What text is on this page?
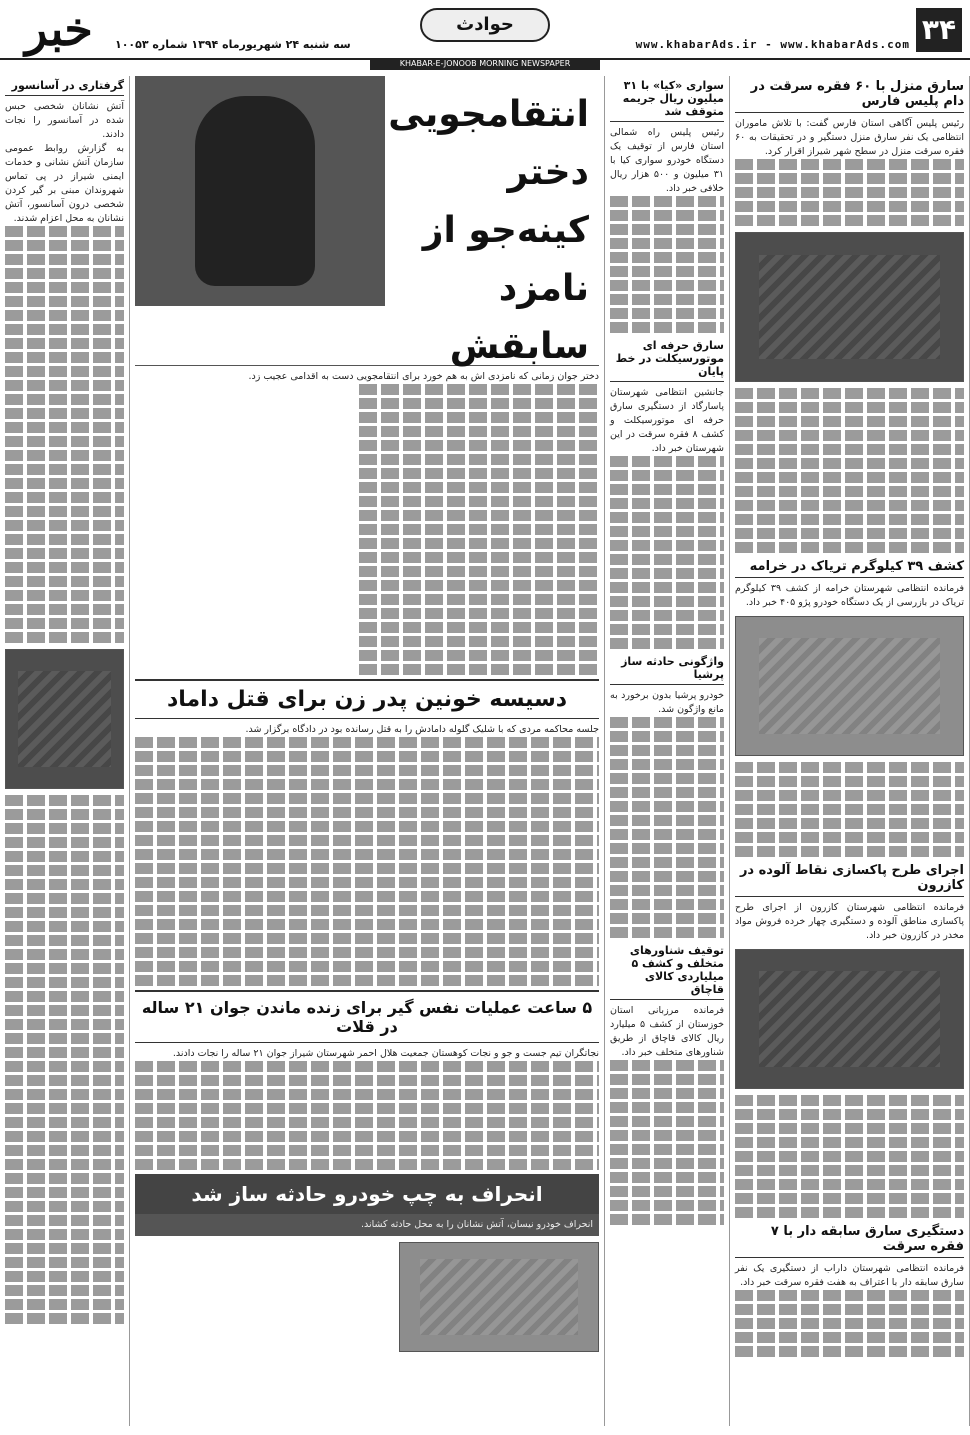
۳۴
www.khabarAds.ir - www.khabarAds.com
حوادث
خبر	سه شنبه ۲۴ شهریورماه ۱۳۹۴ شماره ۱۰۰۵۳
KHABAR-E-JONOOB MORNING NEWSPAPER
سارق منزل با ۶۰ فقره سرقت در دام پلیس فارس
رئیس پلیس آگاهی استان فارس گفت: با تلاش ماموران انتظامی یک نفر سارق منزل دستگیر و در تحقیقات به ۶۰ فقره سرقت منزل در سطح شهر شیراز اقرار کرد.
کشف ۳۹ کیلوگرم تریاک در خرامه
فرمانده انتظامی شهرستان خرامه از کشف ۳۹ کیلوگرم تریاک در بازرسی از یک دستگاه خودرو پژو ۴۰۵ خبر داد.
اجرای طرح پاکسازی نقاط آلوده در کازرون
فرمانده انتظامی شهرستان کازرون از اجرای طرح پاکسازی مناطق آلوده و دستگیری چهار خرده فروش مواد مخدر در کازرون خبر داد.
دستگیری سارق سابقه دار با ۷ فقره سرقت
فرمانده انتظامی شهرستان داراب از دستگیری یک نفر سارق سابقه دار با اعتراف به هفت فقره سرقت خبر داد.
سواری «کیا» با ۳۱ میلیون ریال جریمه متوقف شد
رئیس پلیس راه شمالی استان فارس از توقیف یک دستگاه خودرو سواری کیا با ۳۱ میلیون و ۵۰۰ هزار ریال خلافی خبر داد.
سارق حرفه ای موتورسیکلت در خط پایان
جانشین انتظامی شهرستان پاسارگاد از دستگیری سارق حرفه ای موتورسیکلت و کشف ۸ فقره سرقت در این شهرستان خبر داد.
واژگونی حادثه ساز پرشیا
خودرو پرشیا بدون برخورد به مانع واژگون شد.
توقیف شناورهای متخلف و کشف ۵ میلیاردی کالای قاچاق
فرمانده مرزبانی استان خوزستان از کشف ۵ میلیارد ریال کالای قاچاق از طریق شناورهای متخلف خبر داد.
انتقامجویی دختر کینه‌جو از نامزد سابقش
دختر جوان زمانی که نامزدی اش به هم خورد برای انتقامجویی دست به اقدامی عجیب زد.
دسیسه خونین پدر زن برای قتل داماد
جلسه محاکمه مردی که با شلیک گلوله دامادش را به قتل رسانده بود در دادگاه برگزار شد.
۵ ساعت عملیات نفس گیر برای زنده ماندن جوان ۲۱ ساله در قلات
نجاتگران تیم جست و جو و نجات کوهستان جمعیت هلال احمر شهرستان شیراز جوان ۲۱ ساله را نجات دادند.
انحراف به چپ خودرو حادثه ساز شد
انحراف خودرو نیسان، آتش نشانان را به محل حادثه کشاند.
گرفتاری در آسانسور
آتش نشانان شخصی حبس شده در آسانسور را نجات دادند.
به گزارش روابط عمومی سازمان آتش نشانی و خدمات ایمنی شیراز در پی تماس شهروندان مبنی بر گیر کردن شخصی درون آسانسور، آتش نشانان به محل اعزام شدند.
